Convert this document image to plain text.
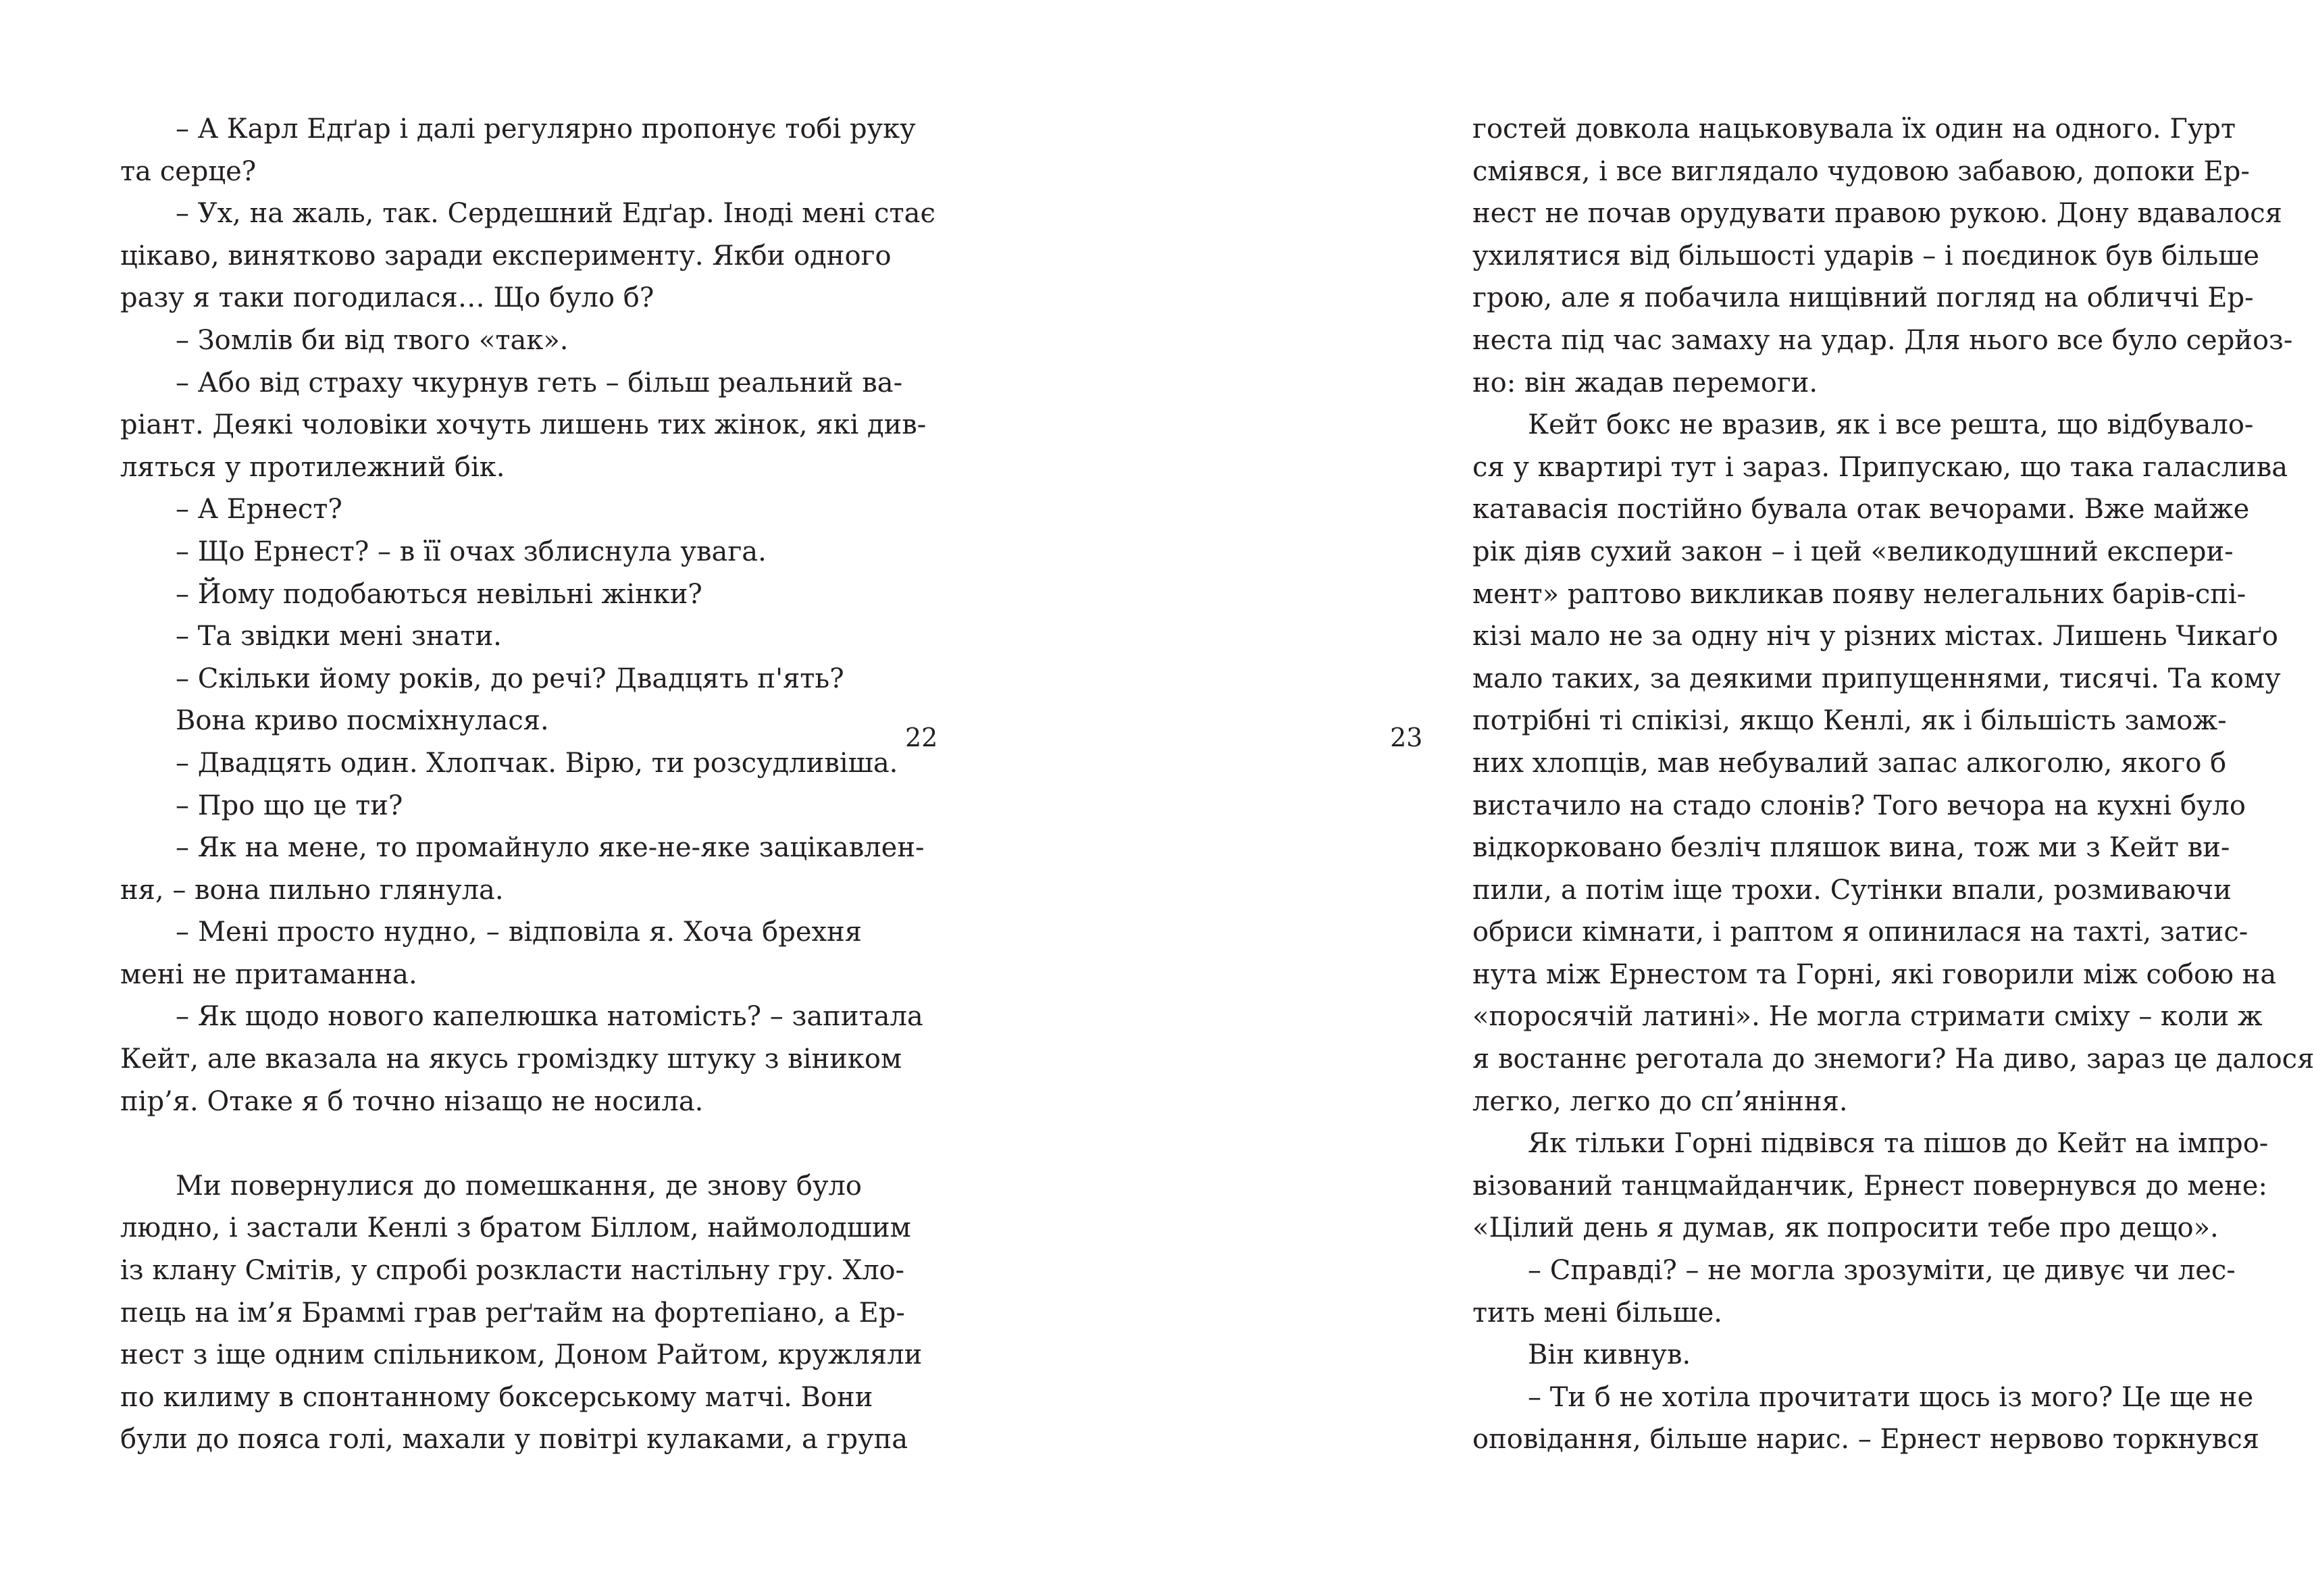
– А Карл Едґар і далі регулярно пропонує тобі руку
та серце?
– Ух, на жаль, так. Сердешний Едґар. Іноді мені стає
цікаво, винятково заради експерименту. Якби одного
разу я таки погодилася… Що було б?
– Зомлів би від твого «так».
– Або від страху чкурнув геть – більш реальний ва-
ріант. Деякі чоловіки хочуть лишень тих жінок, які див-
ляться у протилежний бік.
– А Ернест?
– Що Ернест? – в її очах зблиснула увага.
– Йому подобаються невільні жінки?
– Та звідки мені знати.
– Скільки йому років, до речі? Двадцять п'ять?
Вона криво посміхнулася.
– Двадцять один. Хлопчак. Вірю, ти розсудливіша.
– Про що це ти?
– Як на мене, то промайнуло яке-не-яке зацікавлен-
ня, – вона пильно глянула.
– Мені просто нудно, – відповіла я. Хоча брехня
мені не притаманна.
– Як щодо нового капелюшка натомість? – запитала
Кейт, але вказала на якусь громіздку штуку з віником
пір’я. Отаке я б точно нізащо не носила.
Ми повернулися до помешкання, де знову було
людно, і застали Кенлі з братом Біллом, наймолодшим
із клану Смітів, у спробі розкласти настільну гру. Хло-
пець на ім’я Браммі грав реґтайм на фортепіано, а Ер-
нест з іще одним спільником, Доном Райтом, кружляли
по килиму в спонтанному боксерському матчі. Вони
були до пояса голі, махали у повітрі кулаками, а група
22	23
гостей довкола нацьковувала їх один на одного. Гурт
сміявся, і все виглядало чудовою забавою, допоки Ер-
нест не почав орудувати правою рукою. Дону вдавалося
ухилятися від більшості ударів – і поєдинок був більше
грою, але я побачила нищівний погляд на обличчі Ер-
неста під час замаху на удар. Для нього все було серйоз-
но: він жадав перемоги.
Кейт бокс не вразив, як і все решта, що відбувало-
ся у квартирі тут і зараз. Припускаю, що така галаслива
катавасія постійно бувала отак вечорами. Вже майже
рік діяв сухий закон – і цей «великодушний експери-
мент» раптово викликав появу нелегальних барів-спі-
кізі мало не за одну ніч у різних містах. Лишень Чикаґо
мало таких, за деякими припущеннями, тисячі. Та кому
потрібні ті спікізі, якщо Кенлі, як і більшість замож-
них хлопців, мав небувалий запас алкоголю, якого б
вистачило на стадо слонів? Того вечора на кухні було
відкорковано безліч пляшок вина, тож ми з Кейт ви-
пили, а потім іще трохи. Сутінки впали, розмиваючи
обриси кімнати, і раптом я опинилася на тахті, затис-
нута між Ернестом та Горні, які говорили між собою на
«поросячій латині». Не могла стримати сміху – коли ж
я востаннє реготала до знемоги? На диво, зараз це далося
легко, легко до сп’яніння.
Як тільки Горні підвівся та пішов до Кейт на імпро-
візований танцмайданчик, Ернест повернувся до мене:
«Цілий день я думав, як попросити тебе про дещо».
– Справді? – не могла зрозуміти, це дивує чи лес-
тить мені більше.
Він кивнув.
– Ти б не хотіла прочитати щось із мого? Це ще не
оповідання, більше нарис. – Ернест нервово торкнувся
